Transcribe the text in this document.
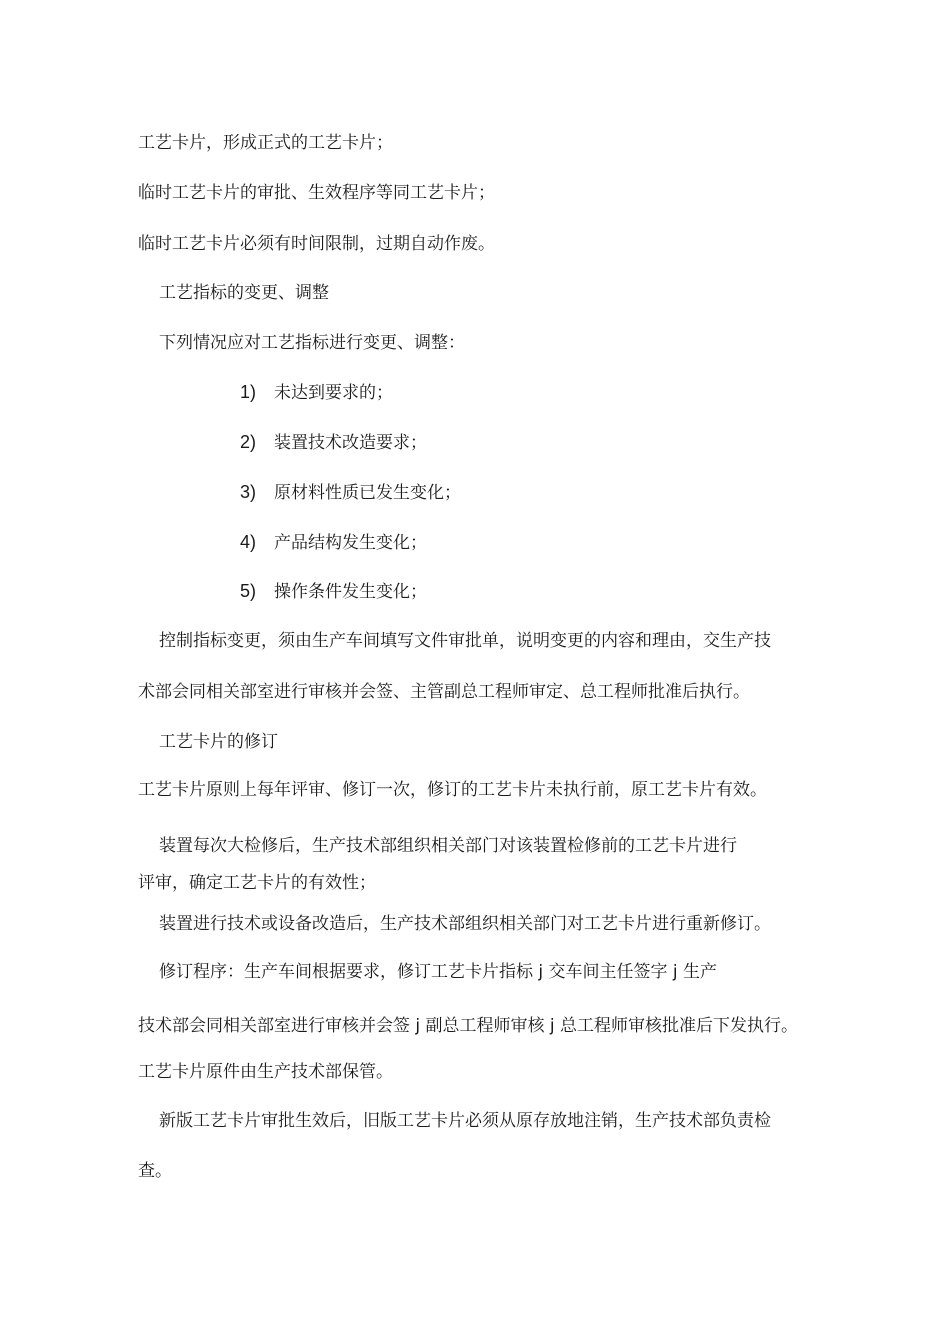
工艺卡片，形成正式的工艺卡片；
临时工艺卡片的审批、生效程序等同工艺卡片；
临时工艺卡片必须有时间限制，过期自动作废。
工艺指标的变更、调整
下列情况应对工艺指标进行变更、调整：
1) 未达到要求的；
2) 装置技术改造要求；
3) 原材料性质已发生变化；
4) 产品结构发生变化；
5) 操作条件发生变化；
控制指标变更，须由生产车间填写文件审批单，说明变更的内容和理由，交生产技
术部会同相关部室进行审核并会签、主管副总工程师审定、总工程师批准后执行。
工艺卡片的修订
工艺卡片原则上每年评审、修订一次，修订的工艺卡片未执行前，原工艺卡片有效。
装置每次大检修后，生产技术部组织相关部门对该装置检修前的工艺卡片进行
评审，确定工艺卡片的有效性；
装置进行技术或设备改造后，生产技术部组织相关部门对工艺卡片进行重新修订。
修订程序：生产车间根据要求，修订工艺卡片指标 j 交车间主任签字 j 生产
技术部会同相关部室进行审核并会签 j 副总工程师审核 j 总工程师审核批准后下发执行。
工艺卡片原件由生产技术部保管。
新版工艺卡片审批生效后，旧版工艺卡片必须从原存放地注销，生产技术部负责检
查。
